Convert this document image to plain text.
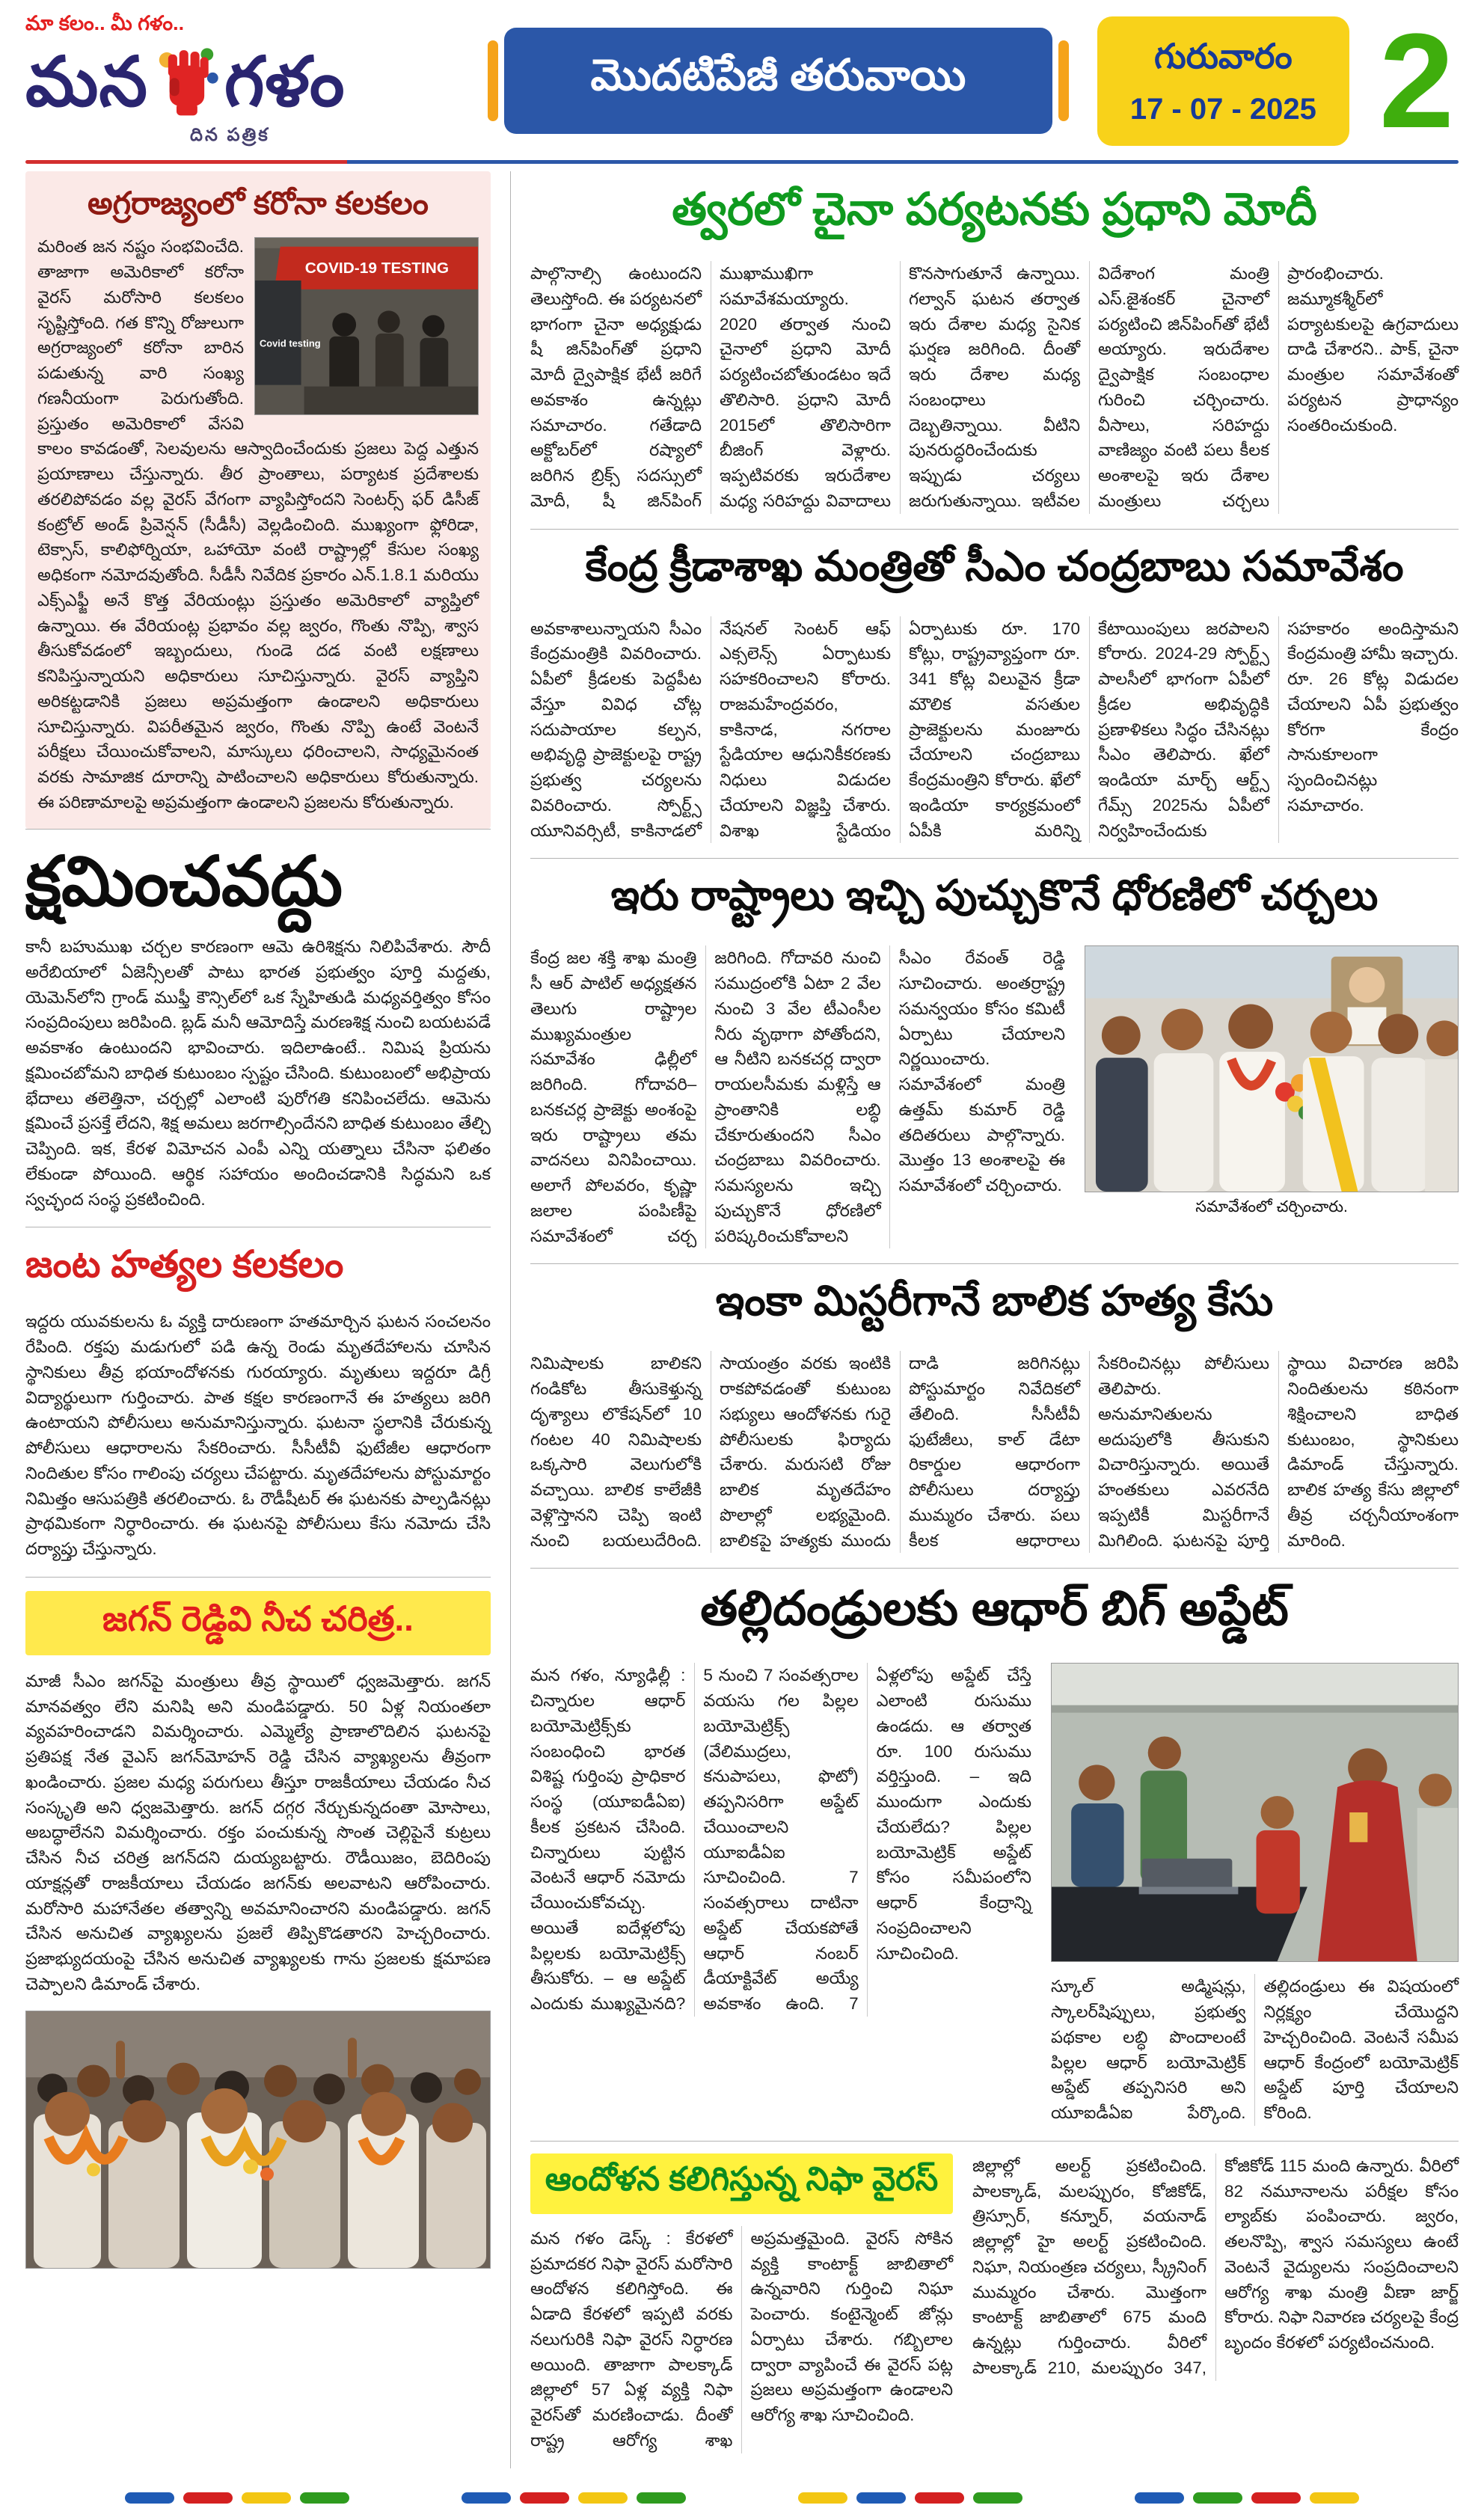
మా కలం.. మీ గళం..
మన గళం
దిన పత్రిక
మొదటిపేజీ తరువాయి	గురువారం
17 - 07 - 2025 2
అగ్రరాజ్యంలో కరోనా కలకలం
COVID-19 TESTING
Covid testing

మరింత జన నష్టం సంభవించేది. తాజాగా అమెరికాలో కరోనా వైరస్ మరోసారి కలకలం సృష్టిస్తోంది. గత కొన్ని రోజులుగా అగ్రరాజ్యంలో కరోనా బారిన పడుతున్న వారి సంఖ్య గణనీయంగా పెరుగుతోంది. ప్రస్తుతం అమెరికాలో వేసవి కాలం కావడంతో, సెలవులను ఆస్వాదించేందుకు ప్రజలు పెద్ద ఎత్తున ప్రయాణాలు చేస్తున్నారు. తీర ప్రాంతాలు, పర్యాటక ప్రదేశాలకు తరలిపోవడం వల్ల వైరస్ వేగంగా వ్యాపిస్తోందని సెంటర్స్ ఫర్ డిసీజ్ కంట్రోల్ అండ్ ప్రివెన్షన్ (సీడీసీ) వెల్లడించింది. ముఖ్యంగా ఫ్లోరిడా, టెక్సాస్, కాలిఫోర్నియా, ఒహాయో వంటి రాష్ట్రాల్లో కేసుల సంఖ్య అధికంగా నమోదవుతోంది. సీడీసీ నివేదిక ప్రకారం ఎన్.1.8.1 మరియు ఎక్స్ఎఫ్జీ అనే కొత్త వేరియంట్లు ప్రస్తుతం అమెరికాలో వ్యాప్తిలో ఉన్నాయి. ఈ వేరియంట్ల ప్రభావం వల్ల జ్వరం, గొంతు నొప్పి, శ్వాస తీసుకోవడంలో ఇబ్బందులు, గుండె దడ వంటి లక్షణాలు కనిపిస్తున్నాయని అధికారులు సూచిస్తున్నారు. వైరస్ వ్యాప్తిని అరికట్టడానికి ప్రజలు అప్రమత్తంగా ఉండాలని అధికారులు సూచిస్తున్నారు. విపరీతమైన జ్వరం, గొంతు నొప్పి ఉంటే వెంటనే పరీక్షలు చేయించుకోవాలని, మాస్కులు ధరించాలని, సాధ్యమైనంత వరకు సామాజిక దూరాన్ని పాటించాలని అధికారులు కోరుతున్నారు. ఈ పరిణామాలపై అప్రమత్తంగా ఉండాలని ప్రజలను కోరుతున్నారు.

క్షమించవద్దు

కానీ బహుముఖ చర్చల కారణంగా ఆమె ఉరిశిక్షను నిలిపివేశారు. సౌదీ అరేబియాలో ఏజెన్సీలతో పాటు భారత ప్రభుత్వం పూర్తి మద్దతు, యెమెన్‌లోని గ్రాండ్ ముఫ్తీ కౌన్సిల్‌లో ఒక స్నేహితుడి మధ్యవర్తిత్వం కోసం సంప్రదింపులు జరిపింది. బ్లడ్ మనీ ఆమోదిస్తే మరణశిక్ష నుంచి బయటపడే అవకాశం ఉంటుందని భావించారు. ఇదిలాఉంటే.. నిమిష ప్రియను క్షమించబోమని బాధిత కుటుంబం స్పష్టం చేసింది. కుటుంబంలో అభిప్రాయ భేదాలు తలెత్తినా, చర్చల్లో ఎలాంటి పురోగతి కనిపించలేదు. ఆమెను క్షమించే ప్రసక్తే లేదని, శిక్ష అమలు జరగాల్సిందేనని బాధిత కుటుంబం తేల్చి చెప్పింది. ఇక, కేరళ విమోచన ఎంపీ ఎన్ని యత్నాలు చేసినా ఫలితం లేకుండా పోయింది. ఆర్థిక సహాయం అందించడానికి సిద్ధమని ఒక స్వచ్ఛంద సంస్థ ప్రకటించింది.

జంట హత్యల కలకలం

ఇద్దరు యువకులను ఓ వ్యక్తి దారుణంగా హతమార్చిన ఘటన సంచలనం రేపింది. రక్తపు మడుగులో పడి ఉన్న రెండు మృతదేహాలను చూసిన స్థానికులు తీవ్ర భయాందోళనకు గురయ్యారు. మృతులు ఇద్దరూ డిగ్రీ విద్యార్థులుగా గుర్తించారు. పాత కక్షల కారణంగానే ఈ హత్యలు జరిగి ఉంటాయని పోలీసులు అనుమానిస్తున్నారు. ఘటనా స్థలానికి చేరుకున్న పోలీసులు ఆధారాలను సేకరించారు. సీసీటీవీ ఫుటేజీల ఆధారంగా నిందితుల కోసం గాలింపు చర్యలు చేపట్టారు. మృతదేహాలను పోస్టుమార్టం నిమిత్తం ఆసుపత్రికి తరలించారు. ఓ రౌడీషీటర్ ఈ ఘటనకు పాల్పడినట్లు ప్రాథమికంగా నిర్ధారించారు. ఈ ఘటనపై పోలీసులు కేసు నమోదు చేసి దర్యాప్తు చేస్తున్నారు.

జగన్ రెడ్డివి నీచ చరిత్ర..

మాజీ సీఎం జగన్‌పై మంత్రులు తీవ్ర స్థాయిలో ధ్వజమెత్తారు. జగన్ మానవత్వం లేని మనిషి అని మండిపడ్డారు. 50 ఏళ్ల నియంతలా వ్యవహరించాడని విమర్శించారు. ఎమ్మెల్యే ప్రాణాలొదిలిన ఘటనపై ప్రతిపక్ష నేత వైఎస్ జగన్‌మోహన్ రెడ్డి చేసిన వ్యాఖ్యలను తీవ్రంగా ఖండించారు. ప్రజల మధ్య పరుగులు తీస్తూ రాజకీయాలు చేయడం నీచ సంస్కృతి అని ధ్వజమెత్తారు. జగన్ దగ్గర నేర్చుకున్నదంతా మోసాలు, అబద్ధాలేనని విమర్శించారు. రక్తం పంచుకున్న సొంత చెల్లిపైనే కుట్రలు చేసిన నీచ చరిత్ర జగన్‌దని దుయ్యబట్టారు. రౌడీయిజం, బెదిరింపు యాక్షన్లతో రాజకీయాలు చేయడం జగన్‌కు అలవాటని ఆరోపించారు. మరోసారి మహానేతల తత్వాన్ని అవమానించారని మండిపడ్డారు. జగన్ చేసిన అనుచిత వ్యాఖ్యలను ప్రజలే తిప్పికొడతారని హెచ్చరించారు. ప్రజాభ్యుదయంపై చేసిన అనుచిత వ్యాఖ్యలకు గాను ప్రజలకు క్షమాపణ చెప్పాలని డిమాండ్ చేశారు.

త్వరలో చైనా పర్యటనకు ప్రధాని మోదీ

పాల్గొనాల్సి ఉంటుందని తెలుస్తోంది. ఈ పర్యటనలో భాగంగా చైనా అధ్యక్షుడు షీ జిన్‌పింగ్‌తో ప్రధాని మోదీ ద్వైపాక్షిక భేటీ జరిగే అవకాశం ఉన్నట్లు సమాచారం. గతేడాది అక్టోబర్‌లో రష్యాలో జరిగిన బ్రిక్స్ సదస్సులో మోదీ, షీ జిన్‌పింగ్ ముఖాముఖిగా సమావేశమయ్యారు. 2020 తర్వాత నుంచి చైనాలో ప్రధాని మోదీ పర్యటించబోతుండటం ఇదే తొలిసారి. ప్రధాని మోదీ 2015లో తొలిసారిగా బీజింగ్ వెళ్లారు. ఇప్పటివరకు ఇరుదేశాల మధ్య సరిహద్దు వివాదాలు కొనసాగుతూనే ఉన్నాయి. గల్వాన్ ఘటన తర్వాత ఇరు దేశాల మధ్య సైనిక ఘర్షణ జరిగింది. దీంతో ఇరు దేశాల మధ్య సంబంధాలు దెబ్బతిన్నాయి. వీటిని పునరుద్ధరించేందుకు ఇప్పుడు చర్యలు జరుగుతున్నాయి. ఇటీవల విదేశాంగ మంత్రి ఎస్.జైశంకర్ చైనాలో పర్యటించి జిన్‌పింగ్‌తో భేటీ అయ్యారు. ఇరుదేశాల ద్వైపాక్షిక సంబంధాల గురించి చర్చించారు. వీసాలు, సరిహద్దు వాణిజ్యం వంటి పలు కీలక అంశాలపై ఇరు దేశాల మంత్రులు చర్చలు ప్రారంభించారు. జమ్మూకశ్మీర్‌లో పర్యాటకులపై ఉగ్రవాదులు దాడి చేశారని.. పాక్, చైనా మంత్రుల సమావేశంతో పర్యటన ప్రాధాన్యం సంతరించుకుంది.

కేంద్ర క్రీడాశాఖ మంత్రితో సీఎం చంద్రబాబు సమావేశం

అవకాశాలున్నాయని సీఎం కేంద్రమంత్రికి వివరించారు. ఏపీలో క్రీడలకు పెద్దపీట వేస్తూ వివిధ చోట్ల సదుపాయాల కల్పన, అభివృద్ధి ప్రాజెక్టులపై రాష్ట్ర ప్రభుత్వ చర్యలను వివరించారు. స్పోర్ట్స్ యూనివర్సిటీ, కాకినాడలో నేషనల్ సెంటర్ ఆఫ్ ఎక్సలెన్స్ ఏర్పాటుకు సహకరించాలని కోరారు. రాజమహేంద్రవరం, కాకినాడ, నగరాల స్టేడియాల ఆధునికీకరణకు నిధులు విడుదల చేయాలని విజ్ఞప్తి చేశారు. విశాఖ స్టేడియం ఏర్పాటుకు రూ. 170 కోట్లు, రాష్ట్రవ్యాప్తంగా రూ. 341 కోట్ల విలువైన క్రీడా మౌలిక వసతుల ప్రాజెక్టులను మంజూరు చేయాలని చంద్రబాబు కేంద్రమంత్రిని కోరారు. ఖేలో ఇండియా కార్యక్రమంలో ఏపీకి మరిన్ని కేటాయింపులు జరపాలని కోరారు. 2024-29 స్పోర్ట్స్ పాలసీలో భాగంగా ఏపీలో క్రీడల అభివృద్ధికి ప్రణాళికలు సిద్ధం చేసినట్లు సీఎం తెలిపారు. ఖేలో ఇండియా మార్చ్ ఆర్ట్స్ గేమ్స్ 2025ను ఏపీలో నిర్వహించేందుకు సహకారం అందిస్తామని కేంద్రమంత్రి హామీ ఇచ్చారు. రూ. 26 కోట్ల విడుదల చేయాలని ఏపీ ప్రభుత్వం కోరగా కేంద్రం సానుకూలంగా స్పందించినట్లు సమాచారం.

ఇరు రాష్ట్రాలు ఇచ్చి పుచ్చుకొనే ధోరణిలో చర్చలు

కేంద్ర జల శక్తి శాఖ మంత్రి సీ ఆర్ పాటిల్ అధ్యక్షతన తెలుగు రాష్ట్రాల ముఖ్యమంత్రుల సమావేశం ఢిల్లీలో జరిగింది. గోదావరి–బనకచర్ల ప్రాజెక్టు అంశంపై ఇరు రాష్ట్రాలు తమ వాదనలు వినిపించాయి. అలాగే పోలవరం, కృష్ణా జలాల పంపిణీపై సమావేశంలో చర్చ జరిగింది. గోదావరి నుంచి సముద్రంలోకి ఏటా 2 వేల నుంచి 3 వేల టీఎంసీల నీరు వృథాగా పోతోందని, ఆ నీటిని బనకచర్ల ద్వారా రాయలసీమకు మళ్లిస్తే ఆ ప్రాంతానికి లబ్ధి చేకూరుతుందని సీఎం చంద్రబాబు వివరించారు. సమస్యలను ఇచ్చి పుచ్చుకొనే ధోరణిలో పరిష్కరించుకోవాలని సీఎం రేవంత్ రెడ్డి సూచించారు. అంతర్రాష్ట్ర సమన్వయం కోసం కమిటీ ఏర్పాటు చేయాలని నిర్ణయించారు. సమావేశంలో మంత్రి ఉత్తమ్ కుమార్ రెడ్డి తదితరులు పాల్గొన్నారు. మొత్తం 13 అంశాలపై ఈ సమావేశంలో చర్చించారు.

సమావేశంలో చర్చించారు.
ఇంకా మిస్టరీగానే బాలిక హత్య కేసు

నిమిషాలకు బాలికని గండికోట తీసుకెళ్తున్న దృశ్యాలు లొకేషన్‌లో 10 గంటల 40 నిమిషాలకు ఒక్కసారి వెలుగులోకి వచ్చాయి. బాలిక కాలేజీకి వెళ్లొస్తానని చెప్పి ఇంటి నుంచి బయలుదేరింది. సాయంత్రం వరకు ఇంటికి రాకపోవడంతో కుటుంబ సభ్యులు ఆందోళనకు గురై పోలీసులకు ఫిర్యాదు చేశారు. మరుసటి రోజు బాలిక మృతదేహం పొలాల్లో లభ్యమైంది. బాలికపై హత్యకు ముందు దాడి జరిగినట్లు పోస్టుమార్టం నివేదికలో తేలింది. సీసీటీవీ ఫుటేజీలు, కాల్ డేటా రికార్డుల ఆధారంగా పోలీసులు దర్యాప్తు ముమ్మరం చేశారు. పలు కీలక ఆధారాలు సేకరించినట్లు పోలీసులు తెలిపారు. అనుమానితులను అదుపులోకి తీసుకుని విచారిస్తున్నారు. అయితే హంతకులు ఎవరనేది ఇప్పటికీ మిస్టరీగానే మిగిలింది. ఘటనపై పూర్తి స్థాయి విచారణ జరిపి నిందితులను కఠినంగా శిక్షించాలని బాధిత కుటుంబం, స్థానికులు డిమాండ్ చేస్తున్నారు. బాలిక హత్య కేసు జిల్లాలో తీవ్ర చర్చనీయాంశంగా మారింది.

తల్లిదండ్రులకు ఆధార్ బిగ్ అప్డేట్

మన గళం, న్యూఢిల్లీ : చిన్నారుల ఆధార్ బయోమెట్రిక్స్‌కు సంబంధించి భారత విశిష్ట గుర్తింపు ప్రాధికార సంస్థ (యూఐడీఏఐ) కీలక ప్రకటన చేసింది. చిన్నారులు పుట్టిన వెంటనే ఆధార్ నమోదు చేయించుకోవచ్చు. అయితే ఐదేళ్లలోపు పిల్లలకు బయోమెట్రిక్స్ తీసుకోరు. – ఆ అప్డేట్ ఎందుకు ముఖ్యమైనది? 5 నుంచి 7 సంవత్సరాల వయసు గల పిల్లల బయోమెట్రిక్స్ (వేలిముద్రలు, కనుపాపలు, ఫొటో) తప్పనిసరిగా అప్డేట్ చేయించాలని యూఐడీఏఐ సూచించింది. 7 సంవత్సరాలు దాటినా అప్డేట్ చేయకపోతే ఆధార్ నంబర్ డీయాక్టివేట్ అయ్యే అవకాశం ఉంది. 7 ఏళ్లలోపు అప్డేట్ చేస్తే ఎలాంటి రుసుము ఉండదు. ఆ తర్వాత రూ. 100 రుసుము వర్తిస్తుంది. – ఇది ముందుగా ఎందుకు చేయలేదు? పిల్లల బయోమెట్రిక్ అప్డేట్ కోసం సమీపంలోని ఆధార్ కేంద్రాన్ని సంప్రదించాలని సూచించింది.

స్కూల్ అడ్మిషన్లు, స్కాలర్‌షిప్పులు, ప్రభుత్వ పథకాల లబ్ధి పొందాలంటే పిల్లల ఆధార్ బయోమెట్రిక్ అప్డేట్ తప్పనిసరి అని యూఐడీఏఐ పేర్కొంది. తల్లిదండ్రులు ఈ విషయంలో నిర్లక్ష్యం చేయొద్దని హెచ్చరించింది. వెంటనే సమీప ఆధార్ కేంద్రంలో బయోమెట్రిక్ అప్డేట్ పూర్తి చేయాలని కోరింది.

ఆందోళన కలిగిస్తున్న నిఫా వైరస్

మన గళం డెస్క్ : కేరళలో ప్రమాదకర నిఫా వైరస్ మరోసారి ఆందోళన కలిగిస్తోంది. ఈ ఏడాది కేరళలో ఇప్పటి వరకు నలుగురికి నిఫా వైరస్ నిర్ధారణ అయింది. తాజాగా పాలక్కాడ్ జిల్లాలో 57 ఏళ్ల వ్యక్తి నిఫా వైరస్‌తో మరణించాడు. దీంతో రాష్ట్ర ఆరోగ్య శాఖ అప్రమత్తమైంది. వైరస్ సోకిన వ్యక్తి కాంటాక్ట్ జాబితాలో ఉన్నవారిని గుర్తించి నిఘా పెంచారు. కంటైన్మెంట్ జోన్లు ఏర్పాటు చేశారు. గబ్బిలాల ద్వారా వ్యాపించే ఈ వైరస్ పట్ల ప్రజలు అప్రమత్తంగా ఉండాలని ఆరోగ్య శాఖ సూచించింది.

జిల్లాల్లో అలర్ట్ ప్రకటించింది. పాలక్కాడ్, మలప్పురం, కోజికోడ్, త్రిస్సూర్, కన్నూర్, వయనాడ్ జిల్లాల్లో హై అలర్ట్ ప్రకటించింది. నిఘా, నియంత్రణ చర్యలు, స్క్రీనింగ్ ముమ్మరం చేశారు. మొత్తంగా కాంటాక్ట్ జాబితాలో 675 మంది ఉన్నట్లు గుర్తించారు. వీరిలో పాలక్కాడ్ 210, మలప్పురం 347, కోజికోడ్ 115 మంది ఉన్నారు. వీరిలో 82 నమూనాలను పరీక్షల కోసం ల్యాబ్‌కు పంపించారు. జ్వరం, తలనొప్పి, శ్వాస సమస్యలు ఉంటే వెంటనే వైద్యులను సంప్రదించాలని ఆరోగ్య శాఖ మంత్రి వీణా జార్జ్ కోరారు. నిఫా నివారణ చర్యలపై కేంద్ర బృందం కేరళలో పర్యటించనుంది.
